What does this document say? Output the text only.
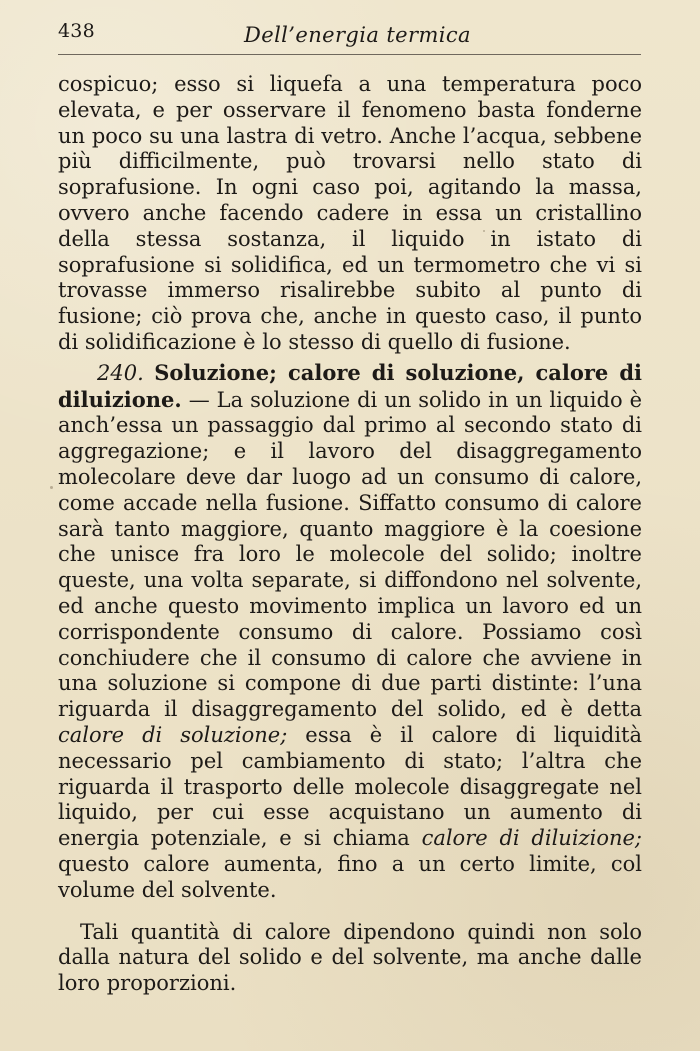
438	Dell’energia termica

cospicuo; esso si liquefa a una temperatura poco elevata, e per osservare il fenomeno basta fonderne un poco su una lastra di vetro. Anche l’acqua, sebbene più difficilmente, può trovarsi nello stato di soprafusione. In ogni caso poi, agitando la massa, ovvero anche facendo cadere in essa un cristallino della stessa sostanza, il liquido in istato di soprafusione si solidifica, ed un termometro che vi si trovasse immerso risalirebbe subito al punto di fusione; ciò prova che, anche in questo caso, il punto di solidificazione è lo stesso di quello di fusione.

240. Soluzione; calore di soluzione, calore di diluizione. — La soluzione di un solido in un liquido è anch’essa un passaggio dal primo al secondo stato di aggregazione; e il lavoro del disaggregamento molecolare deve dar luogo ad un consumo di calore, come accade nella fusione. Siffatto consumo di calore sarà tanto maggiore, quanto maggiore è la coesione che unisce fra loro le molecole del solido; inoltre queste, una volta separate, si diffondono nel solvente, ed anche questo movimento implica un lavoro ed un corrispondente consumo di calore. Possiamo così conchiudere che il consumo di calore che avviene in una soluzione si compone di due parti distinte: l’una riguarda il disaggregamento del solido, ed è detta calore di soluzione; essa è il calore di liquidità necessario pel cambiamento di stato; l’altra che riguarda il trasporto delle molecole disaggregate nel liquido, per cui esse acquistano un aumento di energia potenziale, e si chiama calore di diluizione; questo calore aumenta, fino a un certo limite, col volume del solvente.

Tali quantità di calore dipendono quindi non solo dalla natura del solido e del solvente, ma anche dalle loro proporzioni.
